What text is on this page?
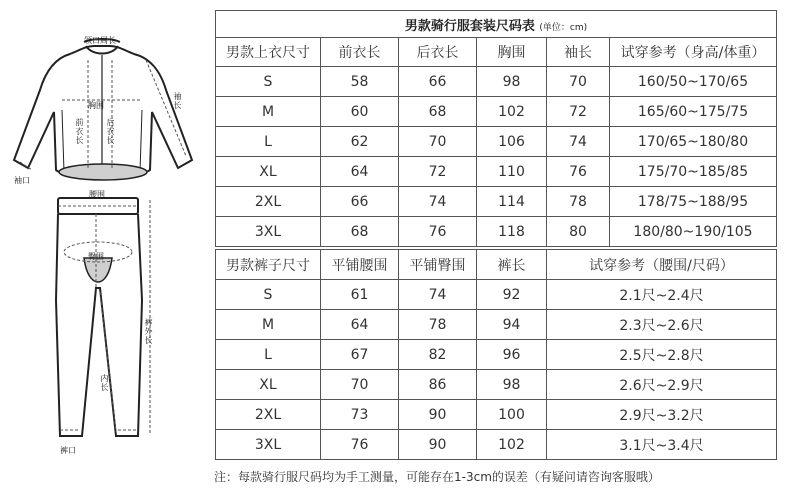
领口周长
袖长
胸围
前衣长	后衣长
袖口
腰围
臀围
裤外长
内长
裤口
男款骑行服套装尺码表 (单位：cm)					
男款上衣尺寸	前衣长	后衣长	胸围	袖长	试穿参考（身高/体重）
S	58	66	98	70	160/50~170/65
M	60	68	102	72	165/60~175/75
L	62	70	106	74	170/65~180/80
XL	64	72	110	76	175/70~185/85
2XL	66	74	114	78	178/75~188/95
3XL	68	76	118	80	180/80~190/105
男款裤子尺寸	平铺腰围	平铺臀围	裤长	试穿参考（腰围/尺码）
S	61	74	92	2.1尺~2.4尺
M	64	78	94	2.3尺~2.6尺
L	67	82	96	2.5尺~2.8尺
XL	70	86	98	2.6尺~2.9尺
2XL	73	90	100	2.9尺~3.2尺
3XL	76	90	102	3.1尺~3.4尺
注：每款骑行服尺码均为手工测量，可能存在1-3cm的误差（有疑问请咨询客服哦）
